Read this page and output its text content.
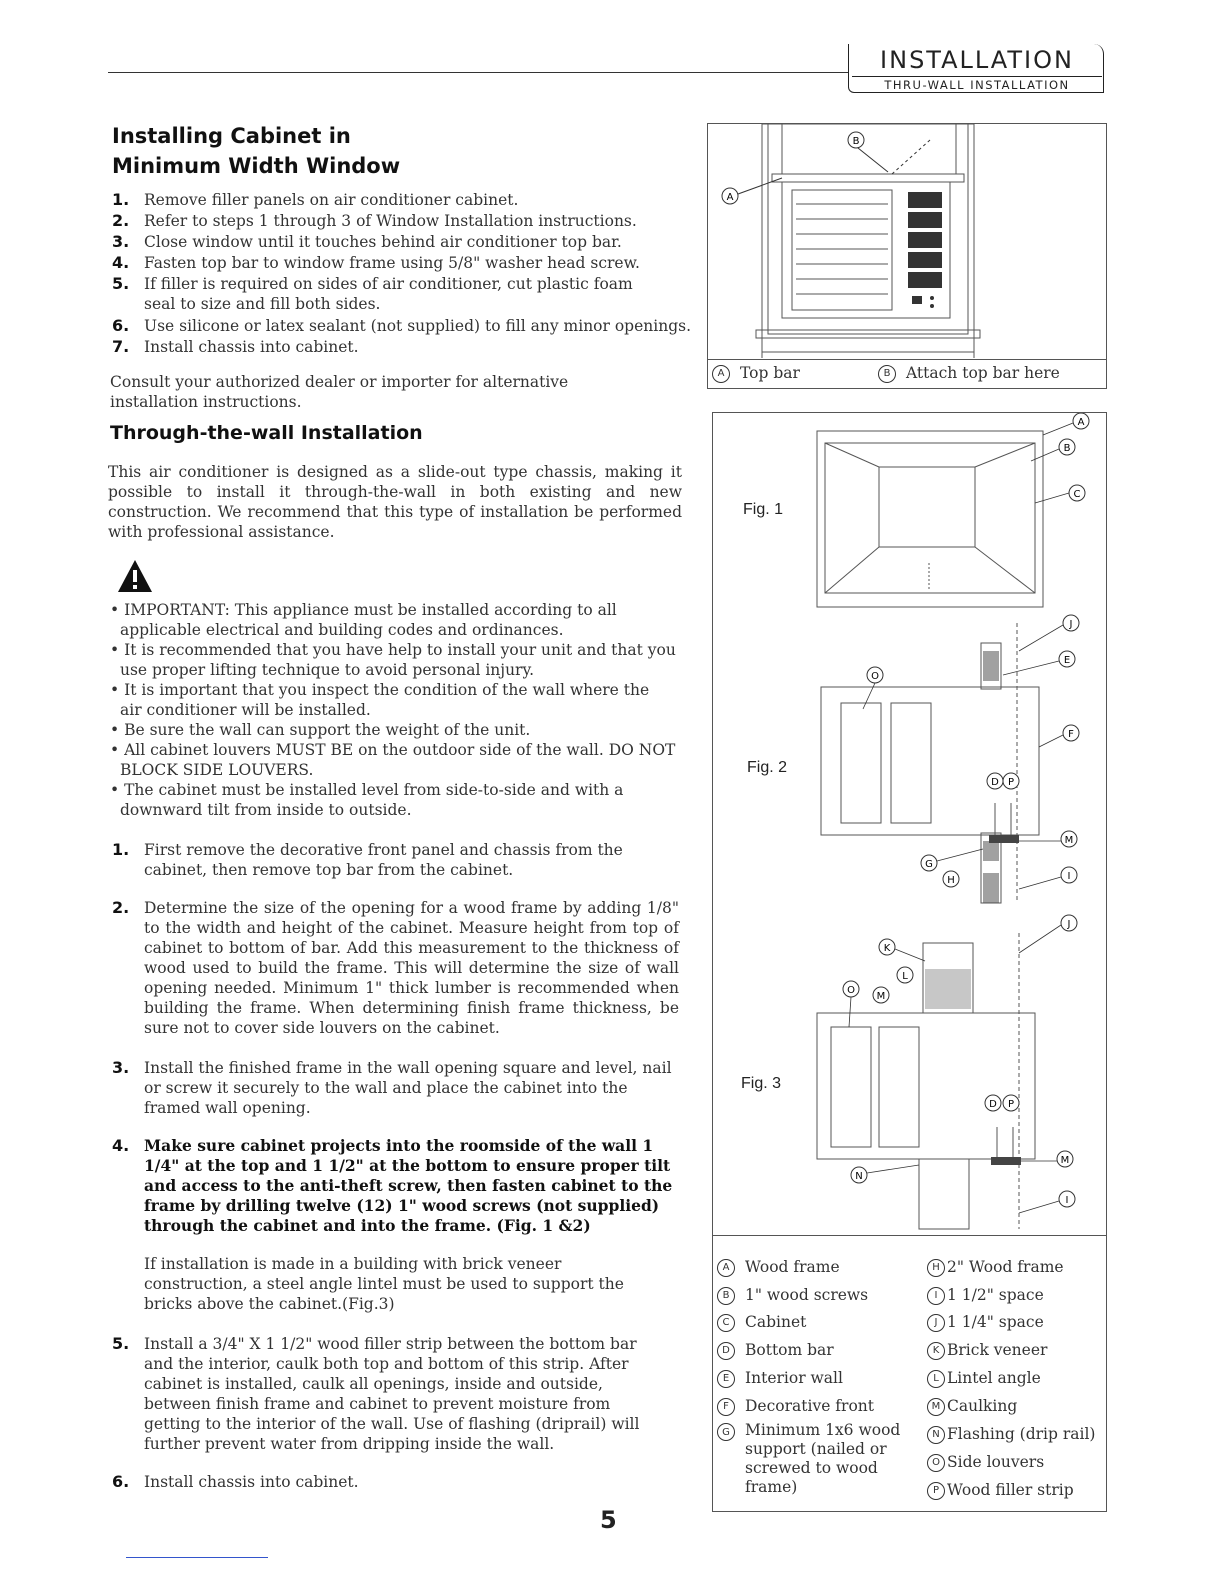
INSTALLATION
THRU-WALL INSTALLATION
Installing Cabinet in
Minimum Width Window
1. Remove filler panels on air conditioner cabinet.
2. Refer to steps 1 through 3 of Window Installation instructions.
3. Close window until it touches behind air conditioner top bar.
4. Fasten top bar to window frame using 5/8" washer head screw.
5. If filler is required on sides of air conditioner, cut plastic foam seal to size and fill both sides.
6. Use silicone or latex sealant (not supplied) to fill any minor openings.
7. Install chassis into cabinet.
Consult your authorized dealer or importer for alternative installation instructions.
Through-the-wall Installation
This air conditioner is designed as a slide-out type chassis, making it possible to install it through-the-wall in both existing and new construction. We recommend that this type of installation be performed with professional assistance.
• IMPORTANT: This appliance must be installed according to all applicable electrical and building codes and ordinances.
• It is recommended that you have help to install your unit and that you use proper lifting technique to avoid personal injury.
• It is important that you inspect the condition of the wall where the air conditioner will be installed.
• Be sure the wall can support the weight of the unit.
• All cabinet louvers MUST BE on the outdoor side of the wall. DO NOT BLOCK SIDE LOUVERS.
• The cabinet must be installed level from side-to-side and with a downward tilt from inside to outside.
1. First remove the decorative front panel and chassis from the cabinet, then remove top bar from the cabinet.
2. Determine the size of the opening for a wood frame by adding 1/8" to the width and height of the cabinet. Measure height from top of cabinet to bottom of bar. Add this measurement to the thickness of wood used to build the frame. This will determine the size of wall opening needed. Minimum 1" thick lumber is recommended when building the frame. When determining finish frame thickness, be sure not to cover side louvers on the cabinet.
3. Install the finished frame in the wall opening square and level, nail or screw it securely to the wall and place the cabinet into the framed wall opening.
4. Make sure cabinet projects into the roomside of the wall 1 1/4" at the top and 1 1/2" at the bottom to ensure proper tilt and access to the anti-theft screw, then fasten cabinet to the frame by drilling twelve (12) 1" wood screws (not supplied) through the cabinet and into the frame. (Fig. 1 &2)
If installation is made in a building with brick veneer construction, a steel angle lintel must be used to support the bricks above the cabinet.(Fig.3)
5. Install a 3/4" X 1 1/2" wood filler strip between the bottom bar and the interior, caulk both top and bottom of this strip. After cabinet is installed, caulk all openings, inside and outside, between finish frame and cabinet to prevent moisture from getting to the interior of the wall. Use of flashing (driprail) will further prevent water from dripping inside the wall.
6. Install chassis into cabinet.
A
B
A	Top bar	B	Attach top bar here
Fig. 1
Fig. 2
Fig. 3
A
B
C
J
E
F
O
D P
M
G
H	I
J
K
L
O
M
D P
M
N
I
A	Wood frame
B	1" wood screws
C	Cabinet
D Bottom bar
E	Interior wall
F	Decorative front
G Minimum 1x6 wood support (nailed or screwed to wood frame)
H 2" Wood frame
I 1 1/2" space
J 1 1/4" space
K Brick veneer
L Lintel angle
M Caulking
N Flashing (drip rail)
O Side louvers
P Wood filler strip
5
